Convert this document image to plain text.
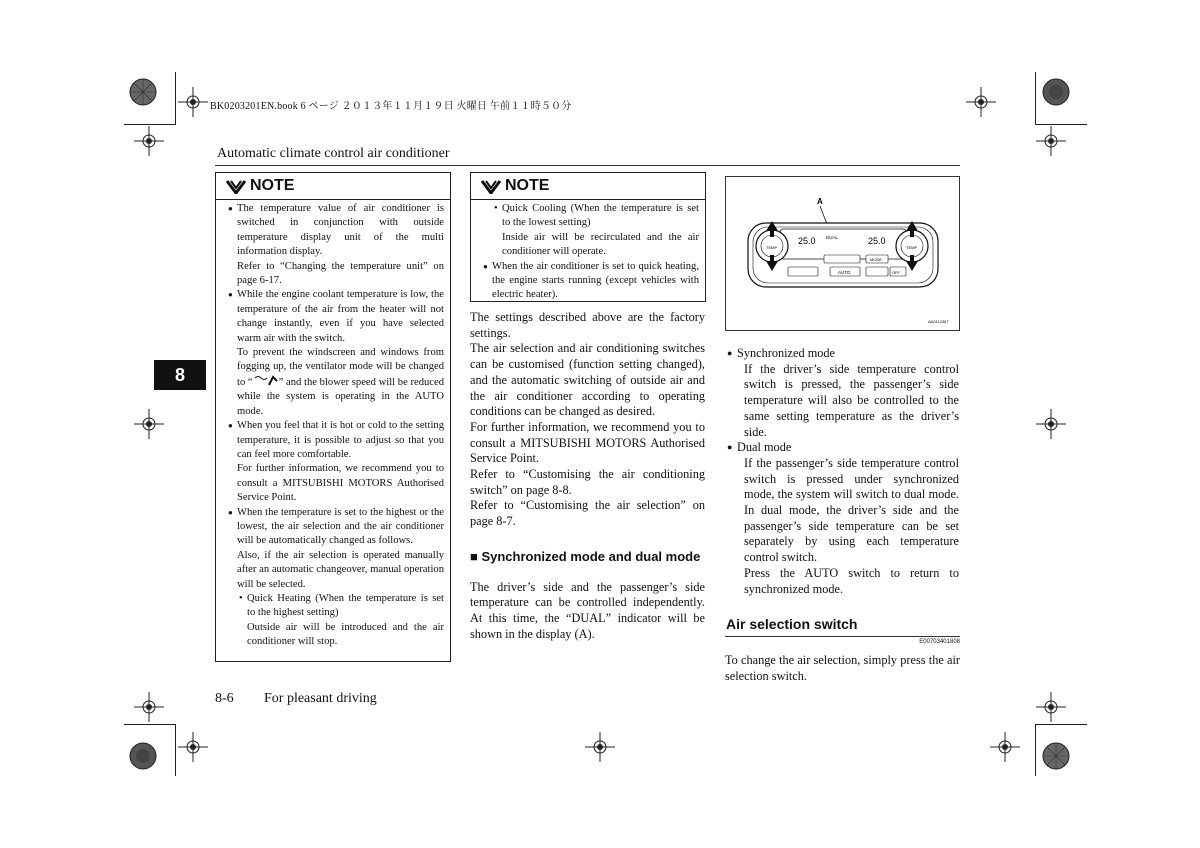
BK0203201EN.book 6 ページ ２０１３年１１月１９日 火曜日 午前１１時５０分
Automatic climate control air conditioner
8
NOTE
● The temperature value of air conditioner is switched in conjunction with outside temperature display unit of the multi information display.
Refer to “Changing the temperature unit” on page 6-17.
● While the engine coolant temperature is low, the temperature of the air from the heater will not change instantly, even if you have selected warm air with the switch.
To prevent the windscreen and windows from fogging up, the ventilator mode will be changed to “ ” and the blower speed will be reduced while the system is operating in the AUTO mode.
● When you feel that it is hot or cold to the setting temperature, it is possible to adjust so that you can feel more comfortable.
For further information, we recommend you to consult a MITSUBISHI MOTORS Authorised Service Point.
● When the temperature is set to the highest or the lowest, the air selection and the air conditioner will be automatically changed as follows.
Also, if the air selection is operated manually after an automatic changeover, manual operation will be selected.
• Quick Heating (When the temperature is set to the highest setting)
Outside air will be introduced and the air conditioner will stop.
NOTE
• Quick Cooling (When the temperature is set to the lowest setting)
Inside air will be recirculated and the air conditioner will operate.
● When the air conditioner is set to quick heating, the engine starts running (except vehicles with electric heater).
The settings described above are the factory settings.
The air selection and air conditioning switches can be customised (function setting changed), and the automatic switching of outside air and the air conditioner according to operating conditions can be changed as desired.
For further information, we recommend you to consult a MITSUBISHI MOTORS Authorised Service Point.
Refer to “Customising the air conditioning switch” on page 8-8.
Refer to “Customising the air selection” on page 8-7.
■ Synchronized mode and dual mode
The driver’s side and the passenger’s side temperature can be controlled independently. At this time, the “DUAL” indicator will be shown in the display (A).
A
25.0 DUAL	25.0
TEMP	TEMP
MODE
AUTO	OFF
AA0112367
● Synchronized mode
If the driver’s side temperature control switch is pressed, the passenger’s side temperature will also be controlled to the same setting temperature as the driver’s side.
● Dual mode
If the passenger’s side temperature control switch is pressed under synchronized mode, the system will switch to dual mode. In dual mode, the driver’s side and the passenger’s side temperature can be set separately by using each temperature control switch.
Press the AUTO switch to return to synchronized mode.
Air selection switch
E00703401808
To change the air selection, simply press the air selection switch.
8-6 For pleasant driving
